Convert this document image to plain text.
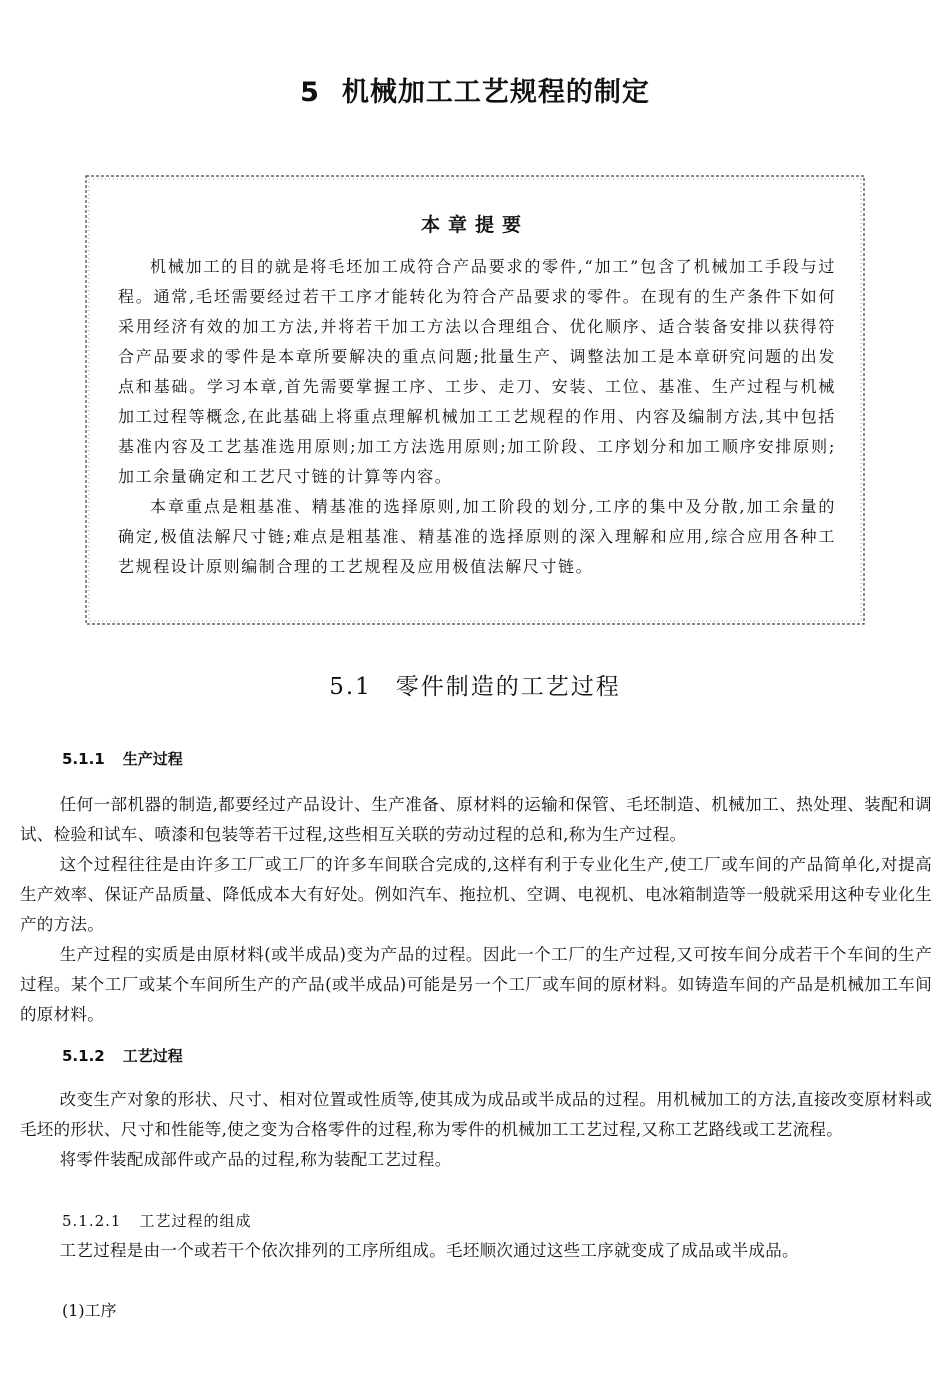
5 机械加工工艺规程的制定
本章提要

机械加工的目的就是将毛坯加工成符合产品要求的零件,“加工”包含了机械加工手段与过程。通常,毛坯需要经过若干工序才能转化为符合产品要求的零件。在现有的生产条件下如何采用经济有效的加工方法,并将若干加工方法以合理组合、优化顺序、适合装备安排以获得符合产品要求的零件是本章所要解决的重点问题;批量生产、调整法加工是本章研究问题的出发点和基础。学习本章,首先需要掌握工序、工步、走刀、安装、工位、基准、生产过程与机械加工过程等概念,在此基础上将重点理解机械加工工艺规程的作用、内容及编制方法,其中包括基准内容及工艺基准选用原则;加工方法选用原则;加工阶段、工序划分和加工顺序安排原则;加工余量确定和工艺尺寸链的计算等内容。

本章重点是粗基准、精基准的选择原则,加工阶段的划分,工序的集中及分散,加工余量的确定,极值法解尺寸链;难点是粗基准、精基准的选择原则的深入理解和应用,综合应用各种工艺规程设计原则编制合理的工艺规程及应用极值法解尺寸链。

5.1 零件制造的工艺过程
5.1.1 生产过程

任何一部机器的制造,都要经过产品设计、生产准备、原材料的运输和保管、毛坯制造、机械加工、热处理、装配和调试、检验和试车、喷漆和包装等若干过程,这些相互关联的劳动过程的总和,称为生产过程。

这个过程往往是由许多工厂或工厂的许多车间联合完成的,这样有利于专业化生产,使工厂或车间的产品简单化,对提高生产效率、保证产品质量、降低成本大有好处。例如汽车、拖拉机、空调、电视机、电冰箱制造等一般就采用这种专业化生产的方法。

生产过程的实质是由原材料(或半成品)变为产品的过程。因此一个工厂的生产过程,又可按车间分成若干个车间的生产过程。某个工厂或某个车间所生产的产品(或半成品)可能是另一个工厂或车间的原材料。如铸造车间的产品是机械加工车间的原材料。

5.1.2 工艺过程

改变生产对象的形状、尺寸、相对位置或性质等,使其成为成品或半成品的过程。用机械加工的方法,直接改变原材料或毛坯的形状、尺寸和性能等,使之变为合格零件的过程,称为零件的机械加工工艺过程,又称工艺路线或工艺流程。

将零件装配成部件或产品的过程,称为装配工艺过程。

5.1.2.1 工艺过程的组成

工艺过程是由一个或若干个依次排列的工序所组成。毛坯顺次通过这些工序就变成了成品或半成品。

(1)工序
